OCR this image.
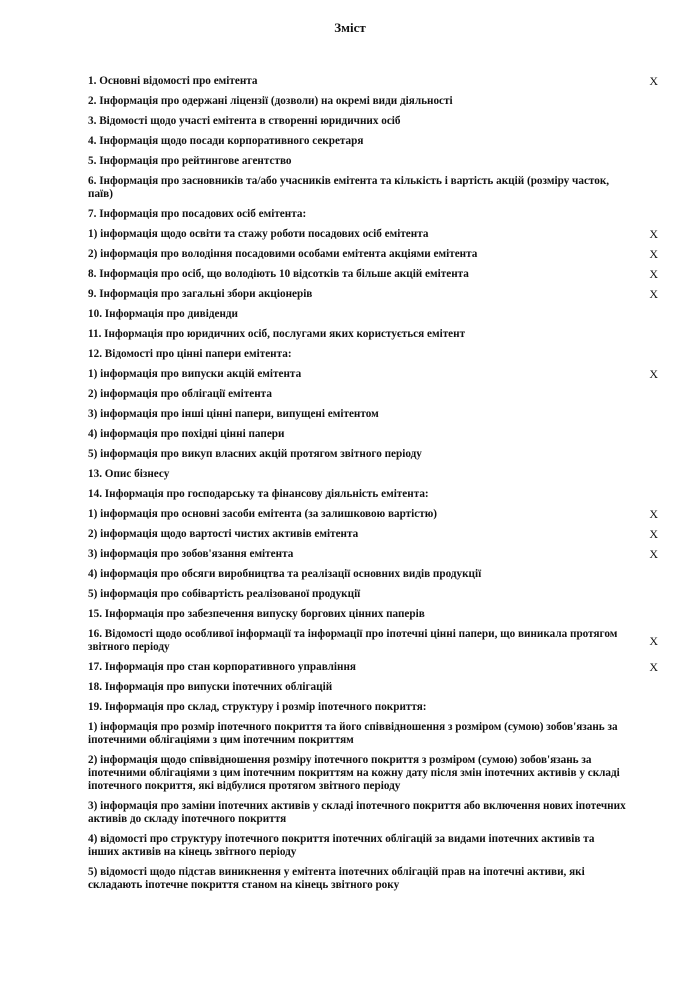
Зміст
1. Основні відомості про емітента	X
2. Інформація про одержані ліцензії (дозволи) на окремі види діяльності
3. Відомості щодо участі емітента в створенні юридичних осіб
4. Інформація щодо посади корпоративного секретаря
5. Інформація про рейтингове агентство
6. Інформація про засновників та/або учасників емітента та кількість і вартість акцій (розміру часток, паїв)
7. Інформація про посадових осіб емітента:
1) інформація щодо освіти та стажу роботи посадових осіб емітента	X
2) інформація про володіння посадовими особами емітента акціями емітента	X
8. Інформація про осіб, що володіють 10 відсотків та більше акцій емітента	X
9. Інформація про загальні збори акціонерів	X
10. Інформація про дивіденди
11. Інформація про юридичних осіб, послугами яких користується емітент
12. Відомості про цінні папери емітента:
1) інформація про випуски акцій емітента	X
2) інформація про облігації емітента
3) інформація про інші цінні папери, випущені емітентом
4) інформація про похідні цінні папери
5) інформація про викуп власних акцій протягом звітного періоду
13. Опис бізнесу
14. Інформація про господарську та фінансову діяльність емітента:
1) інформація про основні засоби емітента (за залишковою вартістю)	X
2) інформація щодо вартості чистих активів емітента	X
3) інформація про зобов'язання емітента	X
4) інформація про обсяги виробництва та реалізації основних видів продукції
5) інформація про собівартість реалізованої продукції
15. Інформація про забезпечення випуску боргових цінних паперів
16. Відомості щодо особливої інформації та інформації про іпотечні цінні папери, що виникала протягом звітного періоду	X
17. Інформація про стан корпоративного управління	X
18. Інформація про випуски іпотечних облігацій
19. Інформація про склад, структуру і розмір іпотечного покриття:
1) інформація про розмір іпотечного покриття та його співвідношення з розміром (сумою) зобов'язань за іпотечними облігаціями з цим іпотечним покриттям
2) інформація щодо співвідношення розміру іпотечного покриття з розміром (сумою) зобов'язань за іпотечними облігаціями з цим іпотечним покриттям на кожну дату після змін іпотечних активів у складі іпотечного покриття, які відбулися протягом звітного періоду
3) інформація про заміни іпотечних активів у складі іпотечного покриття або включення нових іпотечних активів до складу іпотечного покриття
4) відомості про структуру іпотечного покриття іпотечних облігацій за видами іпотечних активів та інших активів на кінець звітного періоду
5) відомості щодо підстав виникнення у емітента іпотечних облігацій прав на іпотечні активи, які складають іпотечне покриття станом на кінець звітного року
